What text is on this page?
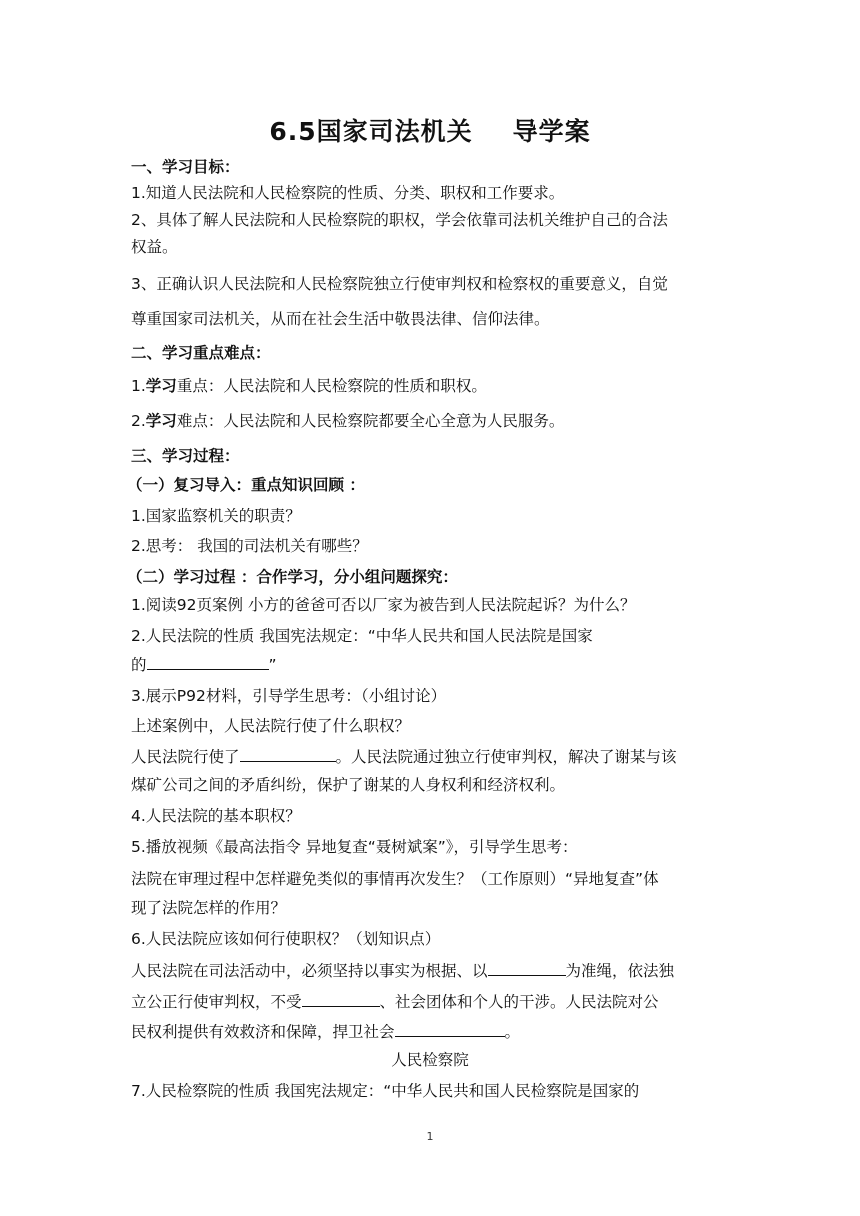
6.5国家司法机关 导学案
一、学习目标：
1.知道人民法院和人民检察院的性质、分类、职权和工作要求。
2、具体了解人民法院和人民检察院的职权，学会依靠司法机关维护自己的合法
权益。
3、正确认识人民法院和人民检察院独立行使审判权和检察权的重要意义，自觉
尊重国家司法机关，从而在社会生活中敬畏法律、信仰法律。
二、学习重点难点：
1.学习重点：人民法院和人民检察院的性质和职权。
2.学习难点：人民法院和人民检察院都要全心全意为人民服务。
三、学习过程：
（一）复习导入：重点知识回顾 ：
1.国家监察机关的职责？
2.思考： 我国的司法机关有哪些？
（二）学习过程 ：合作学习，分小组问题探究：
1.阅读92页案例 小方的爸爸可否以厂家为被告到人民法院起诉？为什么？
2.人民法院的性质 我国宪法规定：“中华人民共和国人民法院是国家
的	”
3.展示P92材料，引导学生思考：（小组讨论）
上述案例中，人民法院行使了什么职权？
人民法院行使了	。人民法院通过独立行使审判权，解决了谢某与该
煤矿公司之间的矛盾纠纷，保护了谢某的人身权利和经济权利。
4.人民法院的基本职权？
5.播放视频《最高法指令 异地复查“聂树斌案”》，引导学生思考：
法院在审理过程中怎样避免类似的事情再次发生？（工作原则）“异地复查”体
现了法院怎样的作用？
6.人民法院应该如何行使职权？（划知识点）
人民法院在司法活动中，必须坚持以事实为根据、以	为准绳，依法独
立公正行使审判权，不受	、社会团体和个人的干涉。人民法院对公
民权利提供有效救济和保障，捍卫社会	。
人民检察院
7.人民检察院的性质 我国宪法规定：“中华人民共和国人民检察院是国家的
1
